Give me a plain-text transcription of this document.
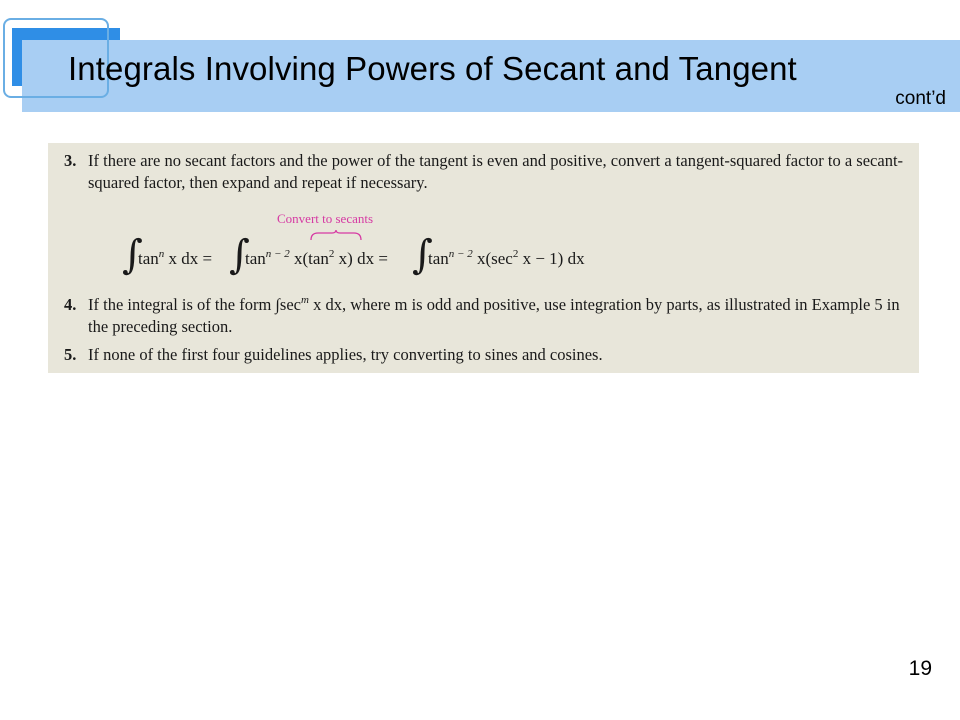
Integrals Involving Powers of Secant and Tangent
cont’d
3. If there are no secant factors and the power of the tangent is even and positive, convert a tangent-squared factor to a secant-squared factor, then expand and repeat if necessary.
Convert to secants
∫
$\tan^n x$ dx = ∫
$\tan^{n - 2} x(\tan^2$ x) dx = ∫
$\tan^{n - 2} x(\sec^2$ x − 1) dx
4. If the integral is of the form $\int\sec^m$ x dx, where m is odd and positive, use integration by parts, as illustrated in Example 5 in the preceding section.
5. If none of the first four guidelines applies, try converting to sines and cosines.
19
